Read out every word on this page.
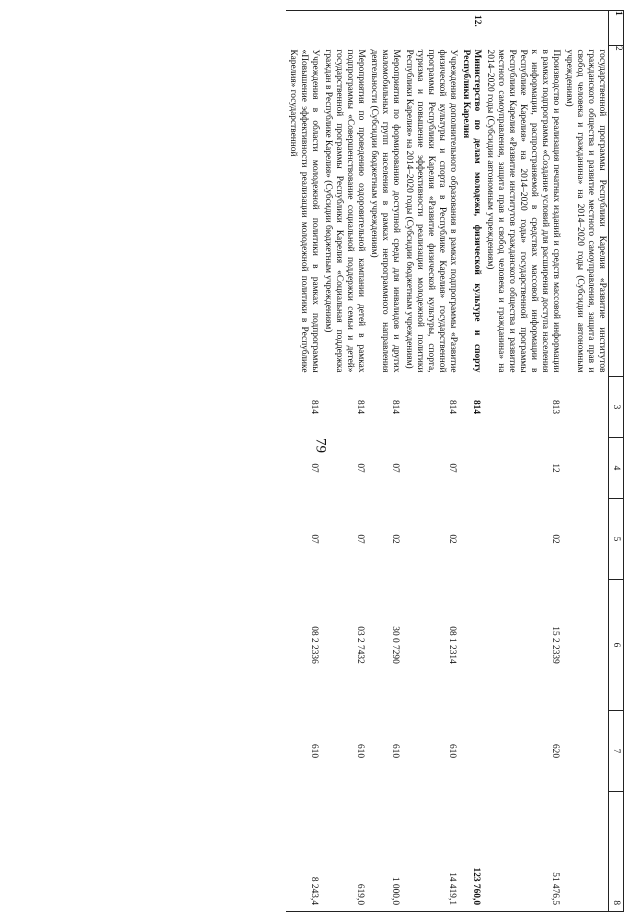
79
1	2	3	4	5	6	7	8
	государственной программы Республики Карелия «Развитие институтов гражданского общества и развитие местного самоуправления, защита прав и свобод человека и гражданина» на 2014–2020 годы (Субсидии автономным учреждениям)						
	Производство и реализация печатных изданий и средств массовой информации в рамках подпрограммы «Создание условий для расширения доступа населения к информации, распространяемой в средствах массовой информации в Республике Карелия» на 2014–2020 годы» государственной программы Республики Карелия «Развитие институтов гражданского общества и развитие местного самоуправления, защита прав и свобод человека и гражданина» на 2014–2020 годы (Субсидии автономным учреждениям)	813	12	02	15 2 2339	620	51 476,5
12.	Министерство по делам молодежи, физической культуре и спорту Республики Карелия	814					123 760,0
	Учреждения дополнительного образования в рамках подпрограммы «Развитие физической культуры и спорта в Республике Карелия» государственной программы Республики Карелия «Развитие физической культуры, спорта, туризма и повышение эффективности реализации молодежной политики Республики Карелия» на 2014–2020 годы (Субсидии бюджетным учреждениям)	814	07	02	08 1 2314	610	14 419,1
	Мероприятия по формированию доступной среды для инвалидов и других маломобильных групп населения в рамках непрограммного направления деятельности (Субсидии бюджетным учреждениям)	814	07	02	30 0 7290	610	1 000,0
	Мероприятия по проведению оздоровительной кампании детей в рамках подпрограммы «Совершенствование социальной поддержки семьи и детей» государственной программы Республики Карелия «Социальная поддержка граждан в Республике Карелия» (Субсидии бюджетным учреждениям)	814	07	07	03 2 7432	610	619,0
	Учреждения в области молодежной политики в рамках подпрограммы «Повышение эффективности реализации молодежной политики в Республике Карелия» государственной	814	07	07	08 2 2336	610	8 243,4
